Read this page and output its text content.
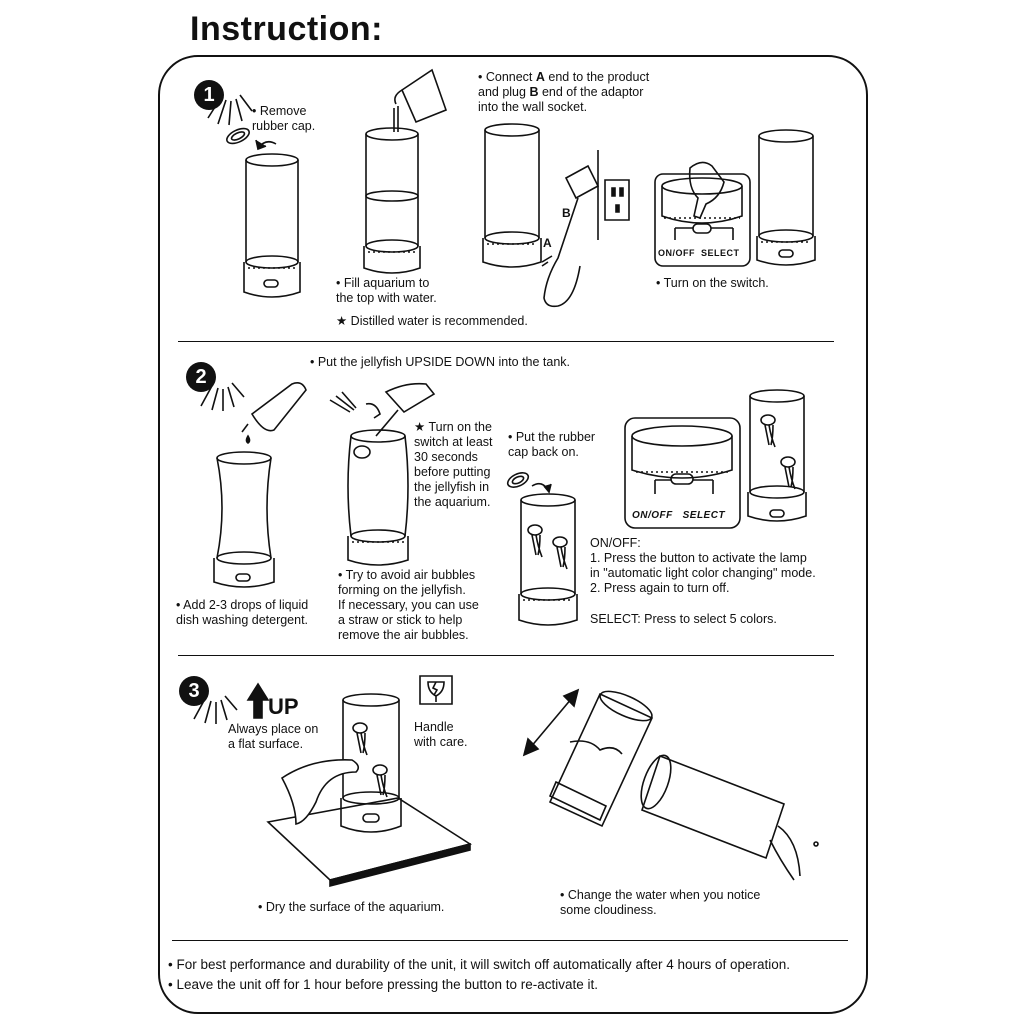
Instruction:
1
2
3
• Remove
rubber cap.
• Fill aquarium to
the top with water.
★ Distilled water is recommended.
• Connect A end to the product
and plug B end of the adaptor
into the wall socket.
A
B
ON/OFF  SELECT
• Turn on the switch.
• Put the jellyfish UPSIDE DOWN into the tank.
• Add 2-3 drops of liquid
dish washing detergent.
★ Turn on the
switch at least
30 seconds
before putting
the jellyfish in
the aquarium.
• Try to avoid air bubbles
forming on the jellyfish.
If necessary, you can use
a straw or stick to help
remove the air bubbles.
• Put the rubber
cap back on.
ON/OFF   SELECT
ON/OFF:
1. Press the button to activate the lamp
in "automatic light color changing" mode.
2. Press again to turn off.
SELECT: Press to select 5 colors.
UP
Always place on
a flat surface.
Handle
with care.
• Dry the surface of the aquarium.
• Change the water when you notice
some cloudiness.
• For best performance and durability of the unit, it will switch off automatically after 4 hours of operation.
• Leave the unit off for 1 hour before pressing the button to re-activate it.
